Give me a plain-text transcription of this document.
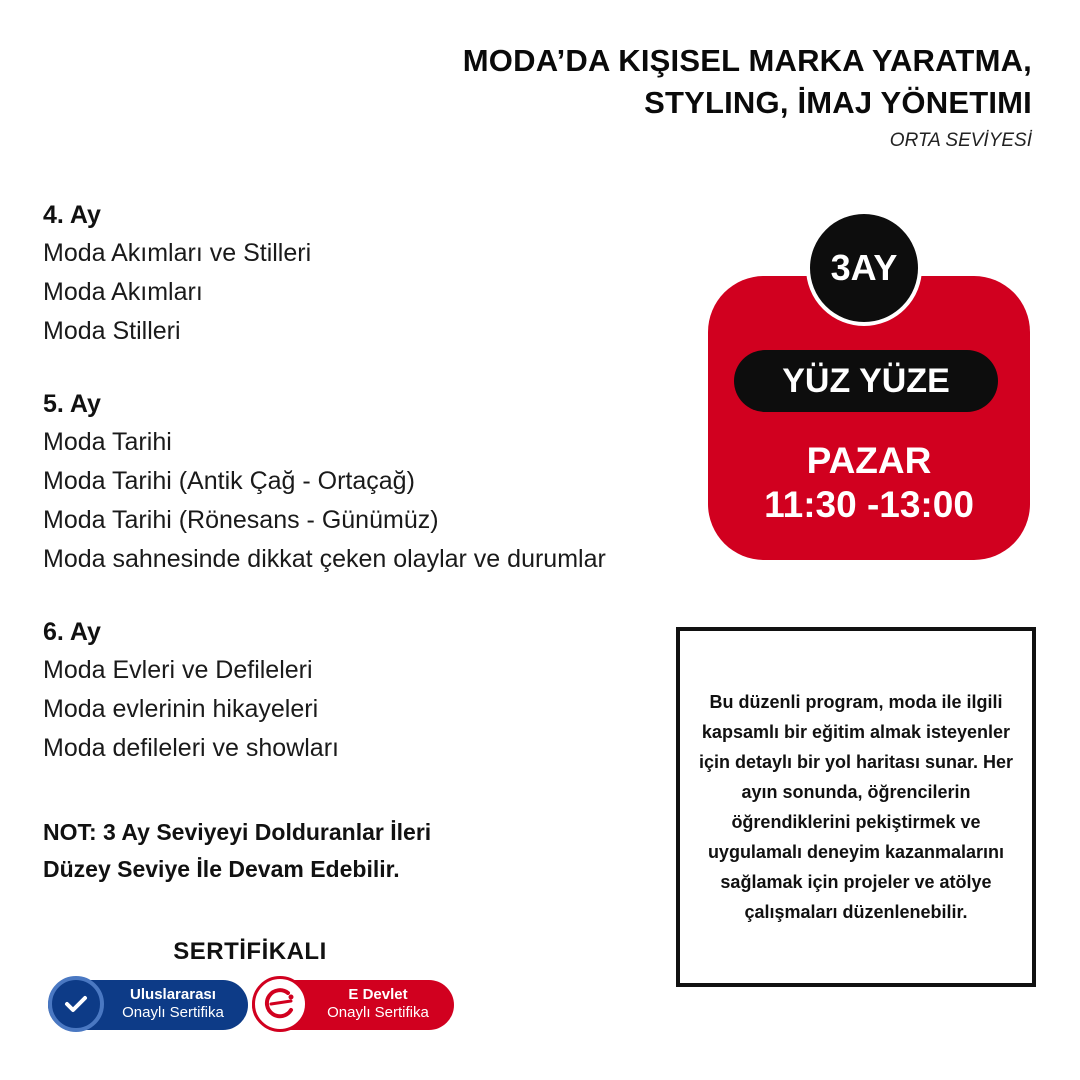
MODA’DA KIŞISEL MARKA YARATMA,
STYLING, İMAJ YÖNETIMI
ORTA SEVİYESİ
4. Ay
Moda Akımları ve Stilleri
Moda Akımları
Moda Stilleri
5. Ay
Moda Tarihi
Moda Tarihi (Antik Çağ - Ortaçağ)
Moda Tarihi (Rönesans - Günümüz)
Moda sahnesinde dikkat çeken olaylar ve durumlar
6. Ay
Moda Evleri ve Defileleri
Moda evlerinin hikayeleri
Moda defileleri ve showları
NOT: 3 Ay Seviyeyi Dolduranlar İleri
Düzey Seviye İle Devam Edebilir.
3AY
YÜZ YÜZE
PAZAR
11:30 -13:00

Bu düzenli program, moda ile ilgili kapsamlı bir eğitim almak isteyenler için detaylı bir yol haritası sunar. Her ayın sonunda, öğrencilerin öğrendiklerini pekiştirmek ve uygulamalı deneyim kazanmalarını sağlamak için projeler ve atölye çalışmaları düzenlenebilir.

SERTİFİKALI
Uluslararası
Onaylı Sertifika
E Devlet
Onaylı Sertifika
